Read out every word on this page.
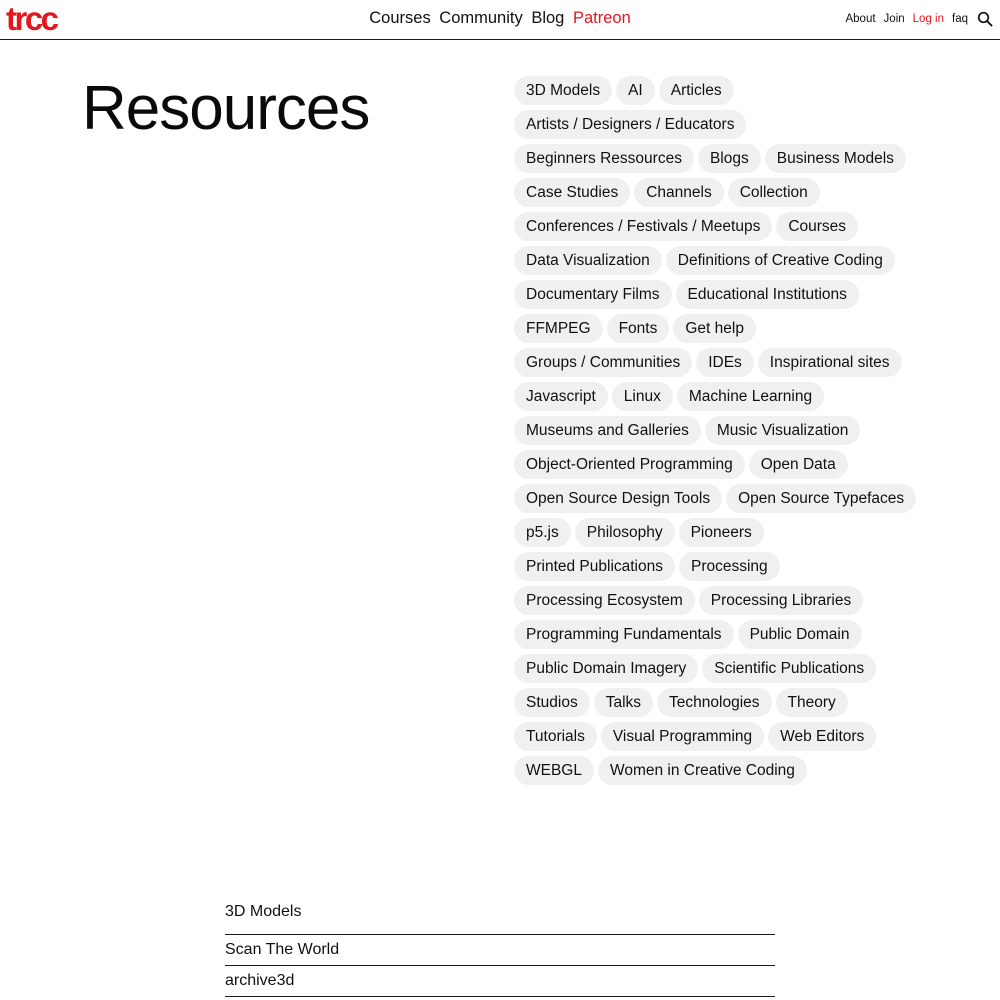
trcc	Courses Community Blog Patreon	About Join Log in faq
Resources	3D Models	AI	Articles
Artists / Designers / Educators
Beginners Ressources	Blogs	Business Models
Case Studies	Channels	Collection
Conferences / Festivals / Meetups	Courses
Data Visualization	Definitions of Creative Coding
Documentary Films	Educational Institutions
FFMPEG	Fonts	Get help
Groups / Communities	IDEs	Inspirational sites
Javascript	Linux	Machine Learning
Museums and Galleries	Music Visualization
Object-Oriented Programming	Open Data
Open Source Design Tools	Open Source Typefaces
p5.js	Philosophy	Pioneers
Printed Publications	Processing
Processing Ecosystem	Processing Libraries
Programming Fundamentals	Public Domain
Public Domain Imagery	Scientific Publications
Studios	Talks	Technologies	Theory
Tutorials	Visual Programming	Web Editors
WEBGL	Women in Creative Coding
3D Models
Scan The World
archive3d
